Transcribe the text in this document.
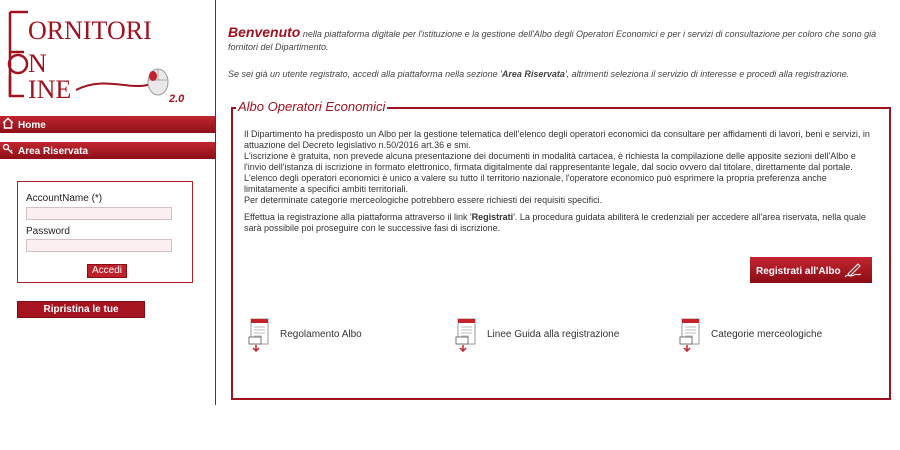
ORNITORI
N
INE	2.0
Home
Area Riservata
AccountName (*)
Password
Accedi
Ripristina le tue credenziali
Benvenuto nella piattaforma digitale per l'istituzione e la gestione dell'Albo degli Operatori Economici e per i servizi di consultazione per coloro che sono già fornitori del Dipartimento.
Se sei già un utente registrato, accedi alla piattaforma nella sezione 'Area Riservata', altrimenti seleziona il servizio di interesse e procedi alla registrazione.
Albo Operatori Economici

Il Dipartimento ha predisposto un Albo per la gestione telematica dell'elenco degli operatori economici da consultare per affidamenti di lavori, beni e servizi, in attuazione del Decreto legislativo n.50/2016 art.36 e smi.

L'iscrizione è gratuita, non prevede alcuna presentazione dei documenti in modalità cartacea, è richiesta la compilazione delle apposite sezioni dell'Albo e l'invio dell'istanza di iscrizione in formato elettronico, firmata digitalmente dal rappresentante legale, dal socio ovvero dal titolare, direttamente dal portale.

L'elenco degli operatori economici è unico a valere su tutto il territorio nazionale, l'operatore economico può esprimere la propria preferenza anche limitatamente a specifici ambiti territoriali.

Per determinate categorie merceologiche potrebbero essere richiesti dei requisiti specifici.

Effettua la registrazione alla piattaforma attraverso il link 'Registrati'. La procedura guidata abiliterà le credenziali per accedere all'area riservata, nella quale sarà possibile poi proseguire con le successive fasi di iscrizione.

Registrati all'Albo
Regolamento Albo	Linee Guida alla registrazione	Categorie merceologiche
